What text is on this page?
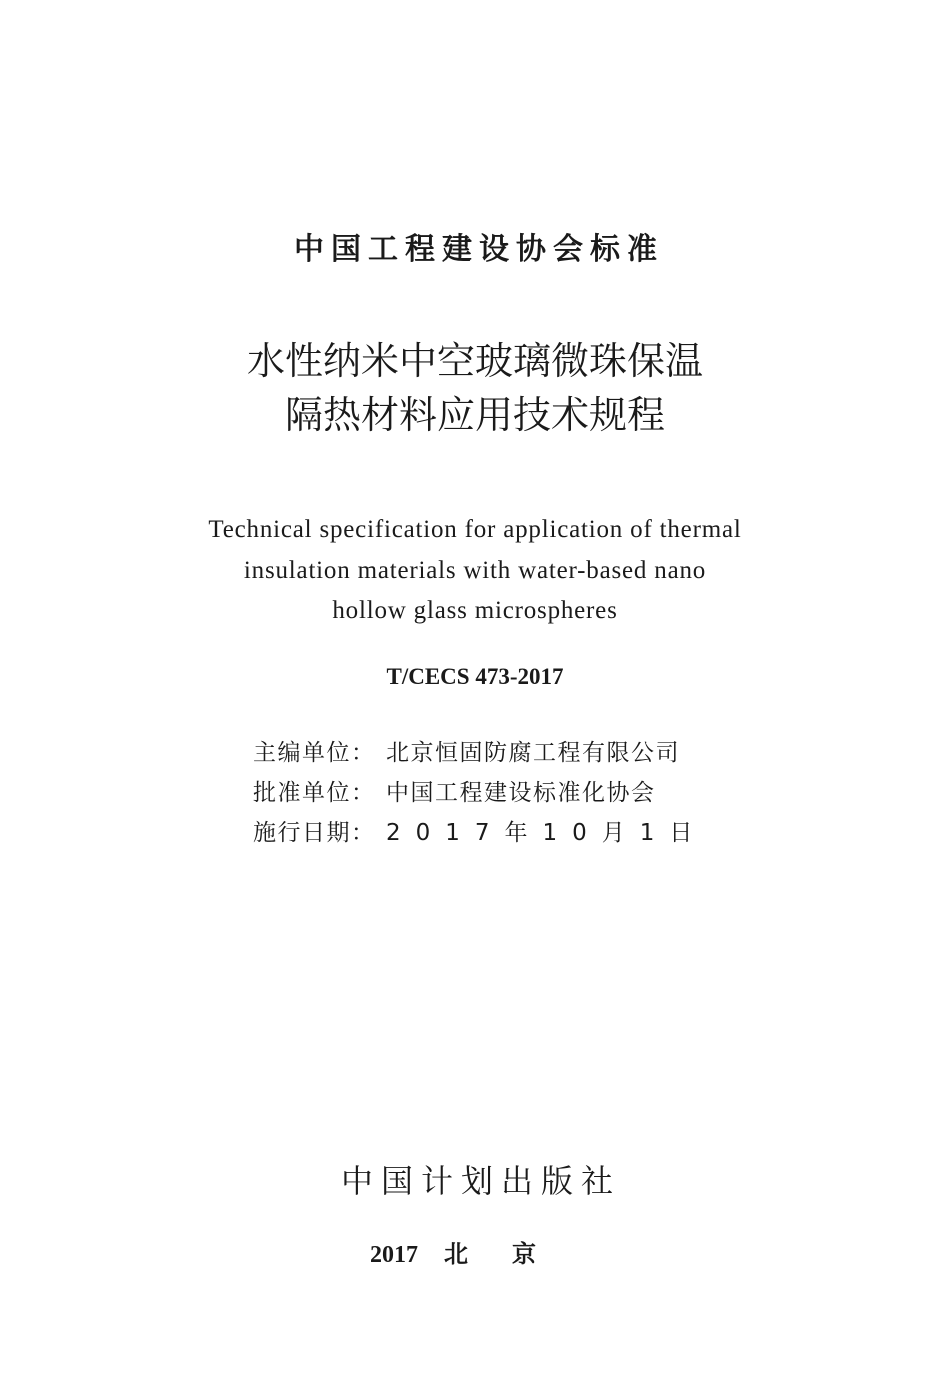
中国工程建设协会标准
水性纳米中空玻璃微珠保温
隔热材料应用技术规程
Technical specification for application of thermal
insulation materials with water-based nano
hollow glass microspheres
T/CECS 473-2017
主编单位： 北京恒固防腐工程有限公司
批准单位： 中国工程建设标准化协会
施行日期： 2017年10月1日
中国计划出版社
2017 北京
